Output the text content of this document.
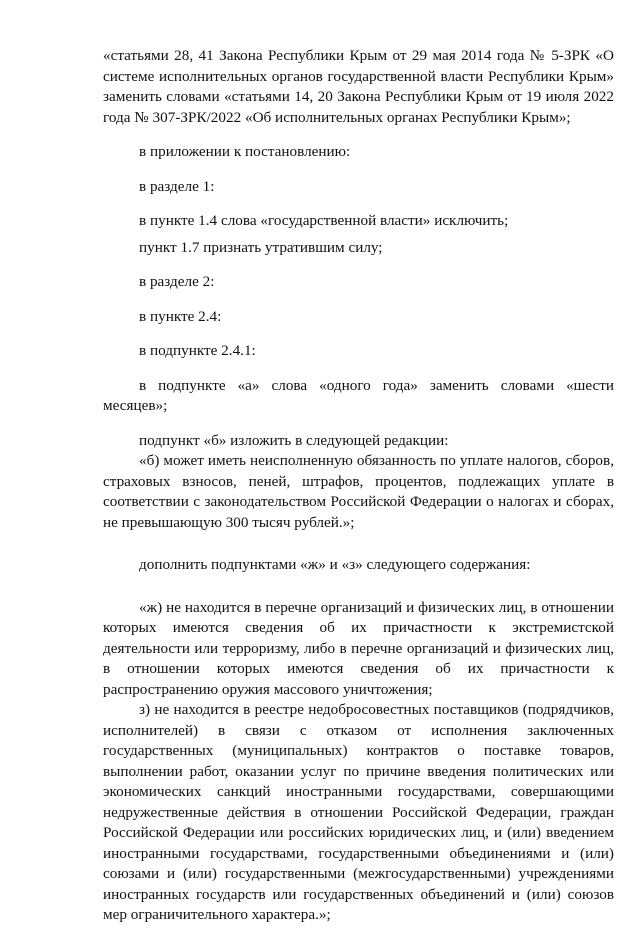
«статьями 28, 41 Закона Республики Крым от 29 мая 2014 года № 5-ЗРК «О системе исполнительных органов государственной власти Республики Крым» заменить словами «статьями 14, 20 Закона Республики Крым от 19 июля 2022 года № 307-ЗРК/2022 «Об исполнительных органах Республики Крым»;

в приложении к постановлению:

в разделе 1:

в пункте 1.4 слова «государственной власти» исключить;

пункт 1.7 признать утратившим силу;

в разделе 2:

в пункте 2.4:

в подпункте 2.4.1:

в подпункте «а» слова «одного года» заменить словами «шести месяцев»;

подпункт «б» изложить в следующей редакции:

«б) может иметь неисполненную обязанность по уплате налогов, сборов, страховых взносов, пеней, штрафов, процентов, подлежащих уплате в соответствии с законодательством Российской Федерации о налогах и сборах, не превышающую 300 тысяч рублей.»;

дополнить подпунктами «ж» и «з» следующего содержания:

«ж) не находится в перечне организаций и физических лиц, в отношении которых имеются сведения об их причастности к экстремистской деятельности или терроризму, либо в перечне организаций и физических лиц, в отношении которых имеются сведения об их причастности к распространению оружия массового уничтожения;

з) не находится в реестре недобросовестных поставщиков (подрядчиков, исполнителей) в связи с отказом от исполнения заключенных государственных (муниципальных) контрактов о поставке товаров, выполнении работ, оказании услуг по причине введения политических или экономических санкций иностранными государствами, совершающими недружественные действия в отношении Российской Федерации, граждан Российской Федерации или российских юридических лиц, и (или) введением иностранными государствами, государственными объединениями и (или) союзами и (или) государственными (межгосударственными) учреждениями иностранных государств или государственных объединений и (или) союзов мер ограничительного характера.»;
